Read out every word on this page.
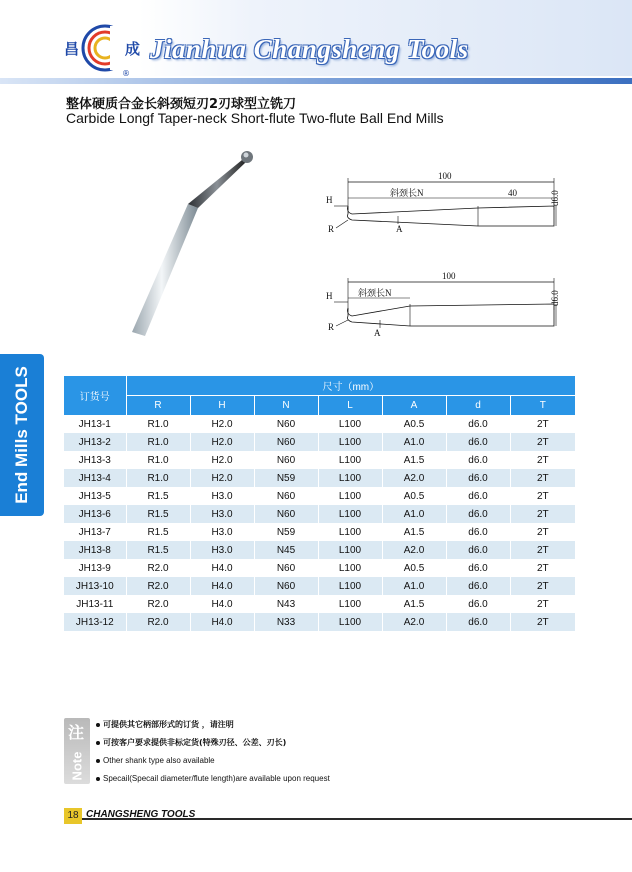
®
昌	成 Jianhua Changsheng Tools
整体硬质合金长斜颈短刃2刃球型立铣刀
Carbide Longf Taper-neck Short-flute Two-flute Ball End Mills
100
斜颈长N	40	d6.0
H
R	A
100
斜颈长N	d6.0
H
R
A
End Mills TOOLS	订货号	尺寸（mm）						
	R	H	N	L	A	d	T
JH13-1	R1.0	H2.0	N60	L100	A0.5	d6.0	2T
JH13-2	R1.0	H2.0	N60	L100	A1.0	d6.0	2T
JH13-3	R1.0	H2.0	N60	L100	A1.5	d6.0	2T
JH13-4	R1.0	H2.0	N59	L100	A2.0	d6.0	2T
JH13-5	R1.5	H3.0	N60	L100	A0.5	d6.0	2T
JH13-6	R1.5	H3.0	N60	L100	A1.0	d6.0	2T
JH13-7	R1.5	H3.0	N59	L100	A1.5	d6.0	2T
JH13-8	R1.5	H3.0	N45	L100	A2.0	d6.0	2T
JH13-9	R2.0	H4.0	N60	L100	A0.5	d6.0	2T
JH13-10	R2.0	H4.0	N60	L100	A1.0	d6.0	2T
JH13-11	R2.0	H4.0	N43	L100	A1.5	d6.0	2T
JH13-12	R2.0	H4.0	N33	L100	A2.0	d6.0	2T
注
Note
可提供其它柄部形式的订货 ，请注明
可按客户要求提供非标定货(特殊刃径、公差、刃长)
Other shank type also available
Specail(Specail diameter/flute length)are available upon request
18 CHANGSHENG TOOLS
